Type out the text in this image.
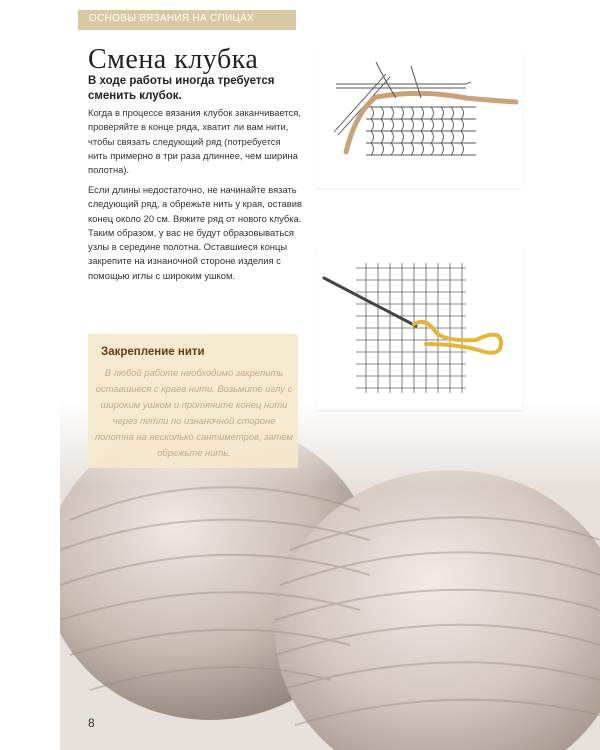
ОСНОВЫ ВЯЗАНИЯ НА СПИЦАХ
Смена клубка
В ходе работы иногда требуется сменить клубок.
Когда в процессе вязания клубок заканчивается, проверяйте в конце ряда, хватит ли вам нити, чтобы связать следующий ряд (потребуется нить примерно в три раза длиннее, чем ширина полотна).
Если длины недостаточно, не начинайте вязать следующий ряд, а обрежьте нить у края, оставив конец около 20 см. Вяжите ряд от нового клубка. Таким образом, у вас не будут образовываться узлы в середине полотна. Оставшиеся концы закрепите на изнаночной стороне изделия с помощью иглы с широким ушком.
Закрепление нити
В любой работе необходимо закрепить оставшиеся с краев нити. Возьмите иглу с широким ушком и протяните конец нити через петли по изнаночной стороне полотна на несколько сантиметров, затем обрежьте нить.
8
